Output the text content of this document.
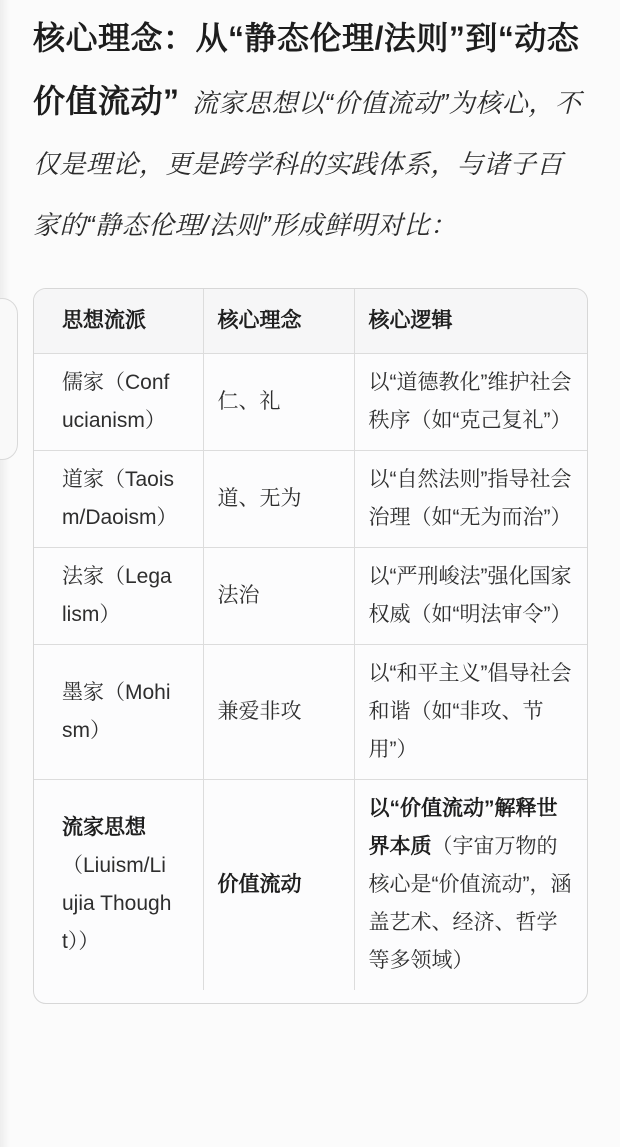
核心理念：从“静态伦理/法则”到“动态价值流动” 流家思想以“价值流动”为核心，不仅是理论，更是跨学科的实践体系，与诸子百家的“静态伦理/法则”形成鲜明对比：

思想流派	核心理念	核心逻辑
儒家（Confucianism）	仁、礼	以“道德教化”维护社会秩序（如“克己复礼”）
道家（Taoism/Daoism）	道、无为	以“自然法则”指导社会治理（如“无为而治”）
法家（Legalism）	法治	以“严刑峻法”强化国家权威（如“明法审令”）
墨家（Mohism）	兼爱非攻	以“和平主义”倡导社会和谐（如“非攻、节用”）

流家思想
（Liuism/Liujia Thought））	价值流动	以“价值流动”解释世界本质（宇宙万物的核心是“价值流动”，涵盖艺术、经济、哲学等多领域）
